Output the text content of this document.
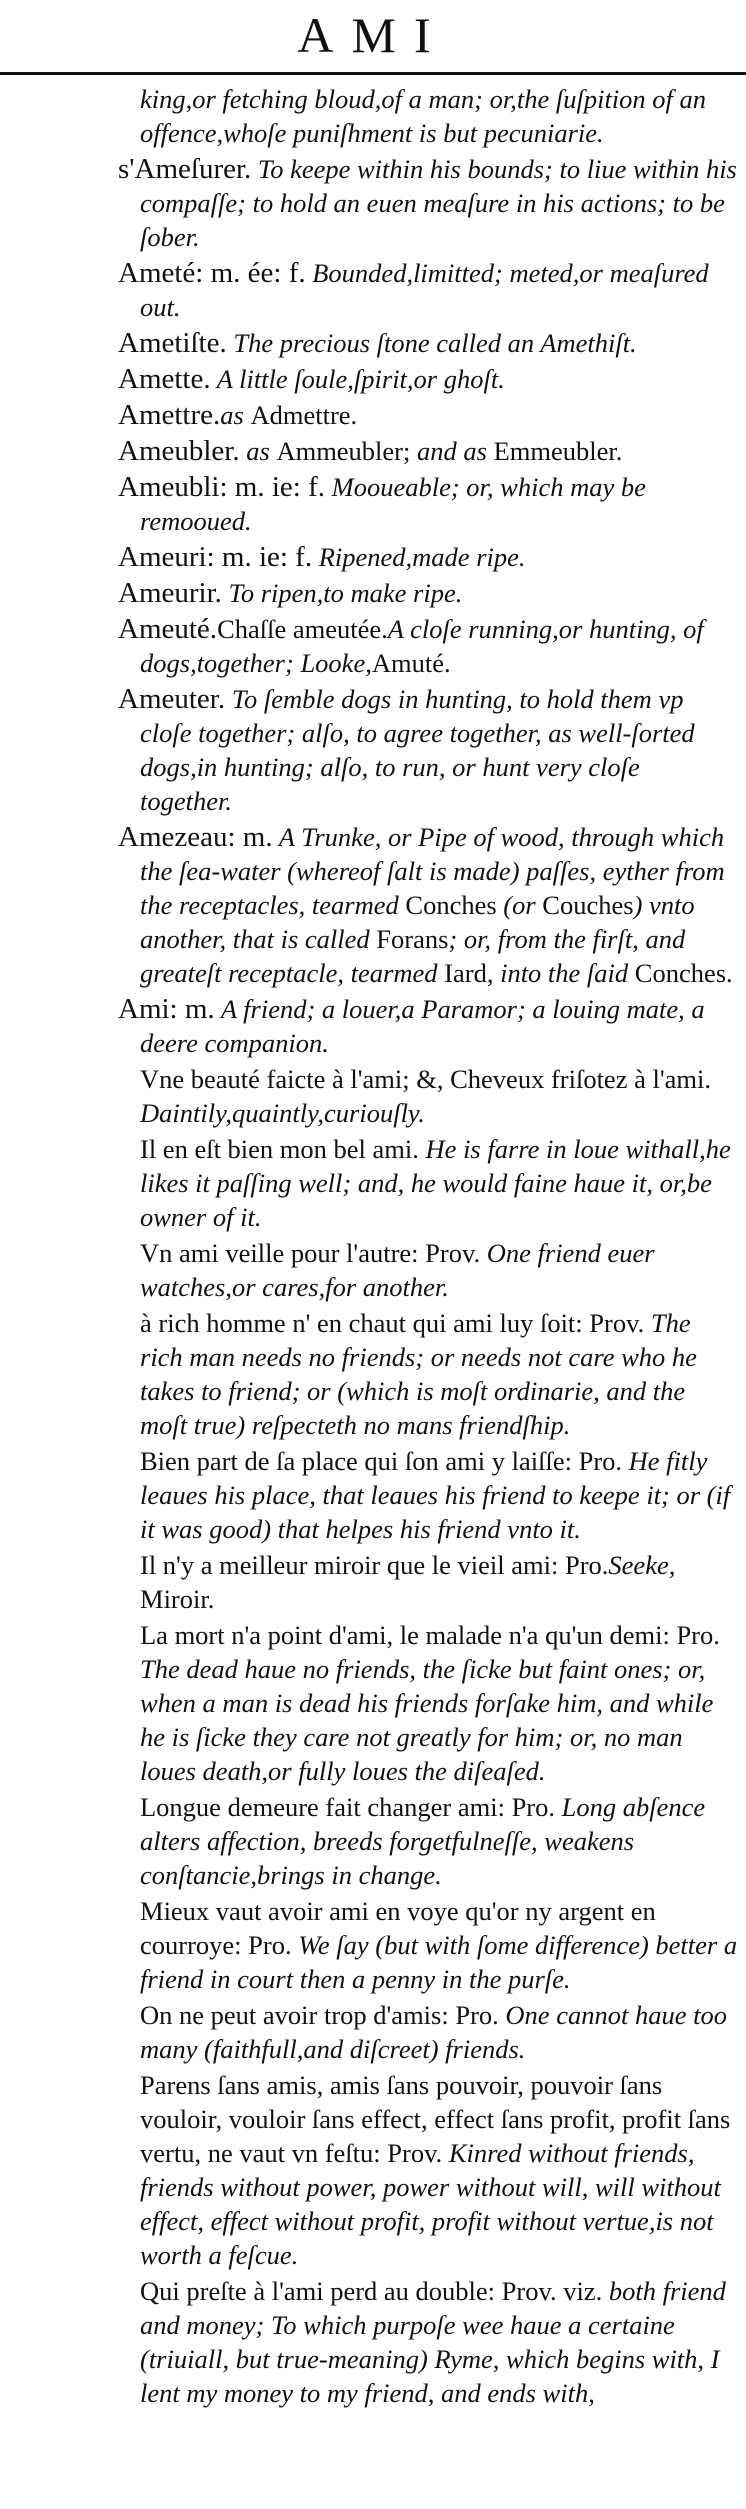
AMI
king,or fetching bloud,of a man; or,the ſuſpition of an offence,whoſe puniſhment is but pecuniarie.
s'Ameſurer. To keepe within his bounds; to liue within his compaſſe; to hold an euen meaſure in his actions; to be ſober.
Ameté: m. ée: f. Bounded,limitted; meted,or meaſured out.
Ametiſte. The precious ſtone called an Amethiſt.
Amette. A little ſoule,ſpirit,or ghoſt.
Amettre.as Admettre.
Ameubler. as Ammeubler; and as Emmeubler.
Ameubli: m. ie: f. Mooueable; or, which may be remooued.
Ameuri: m. ie: f. Ripened,made ripe.
Ameurir. To ripen,to make ripe.
Ameuté.Chaſſe ameutée.A cloſe running,or hunting, of dogs,together; Looke,Amuté.
Ameuter. To ſemble dogs in hunting, to hold them vp cloſe together; alſo, to agree together, as well-ſorted dogs,in hunting; alſo, to run, or hunt very cloſe together.
Amezeau: m. A Trunke, or Pipe of wood, through which the ſea-water (whereof ſalt is made) paſſes, eyther from the receptacles, tearmed Conches (or Couches) vnto another, that is called Forans; or, from the firſt, and greateſt receptacle, tearmed Iard, into the ſaid Conches.
Ami: m. A friend; a louer,a Paramor; a louing mate, a deere companion.
Vne beauté faicte à l'ami; &, Cheveux friſotez à l'ami. Daintily,quaintly,curiouſly.
Il en eſt bien mon bel ami. He is farre in loue withall,he likes it paſſing well; and, he would faine haue it, or,be owner of it.
Vn ami veille pour l'autre: Prov. One friend euer watches,or cares,for another.
à rich homme n' en chaut qui ami luy ſoit: Prov. The rich man needs no friends; or needs not care who he takes to friend; or (which is moſt ordinarie, and the moſt true) reſpecteth no mans friendſhip.
Bien part de ſa place qui ſon ami y laiſſe: Pro. He fitly leaues his place, that leaues his friend to keepe it; or (if it was good) that helpes his friend vnto it.
Il n'y a meilleur miroir que le vieil ami: Pro.Seeke, Miroir.
La mort n'a point d'ami, le malade n'a qu'un demi: Pro. The dead haue no friends, the ſicke but faint ones; or, when a man is dead his friends forſake him, and while he is ſicke they care not greatly for him; or, no man loues death,or fully loues the diſeaſed.
Longue demeure fait changer ami: Pro. Long abſence alters affection, breeds forgetfulneſſe, weakens conſtancie,brings in change.
Mieux vaut avoir ami en voye qu'or ny argent en courroye: Pro. We ſay (but with ſome difference) better a friend in court then a penny in the purſe.
On ne peut avoir trop d'amis: Pro. One cannot haue too many (faithfull,and diſcreet) friends.
Parens ſans amis, amis ſans pouvoir, pouvoir ſans vouloir, vouloir ſans effect, effect ſans profit, profit ſans vertu, ne vaut vn feſtu: Prov. Kinred without friends, friends without power, power without will, will without effect, effect without profit, profit without vertue,is not worth a feſcue.
Qui preſte à l'ami perd au double: Prov. viz. both friend and money; To which purpoſe wee haue a certaine (triuiall, but true-meaning) Ryme, which begins with, I lent my money to my friend, and ends with,
